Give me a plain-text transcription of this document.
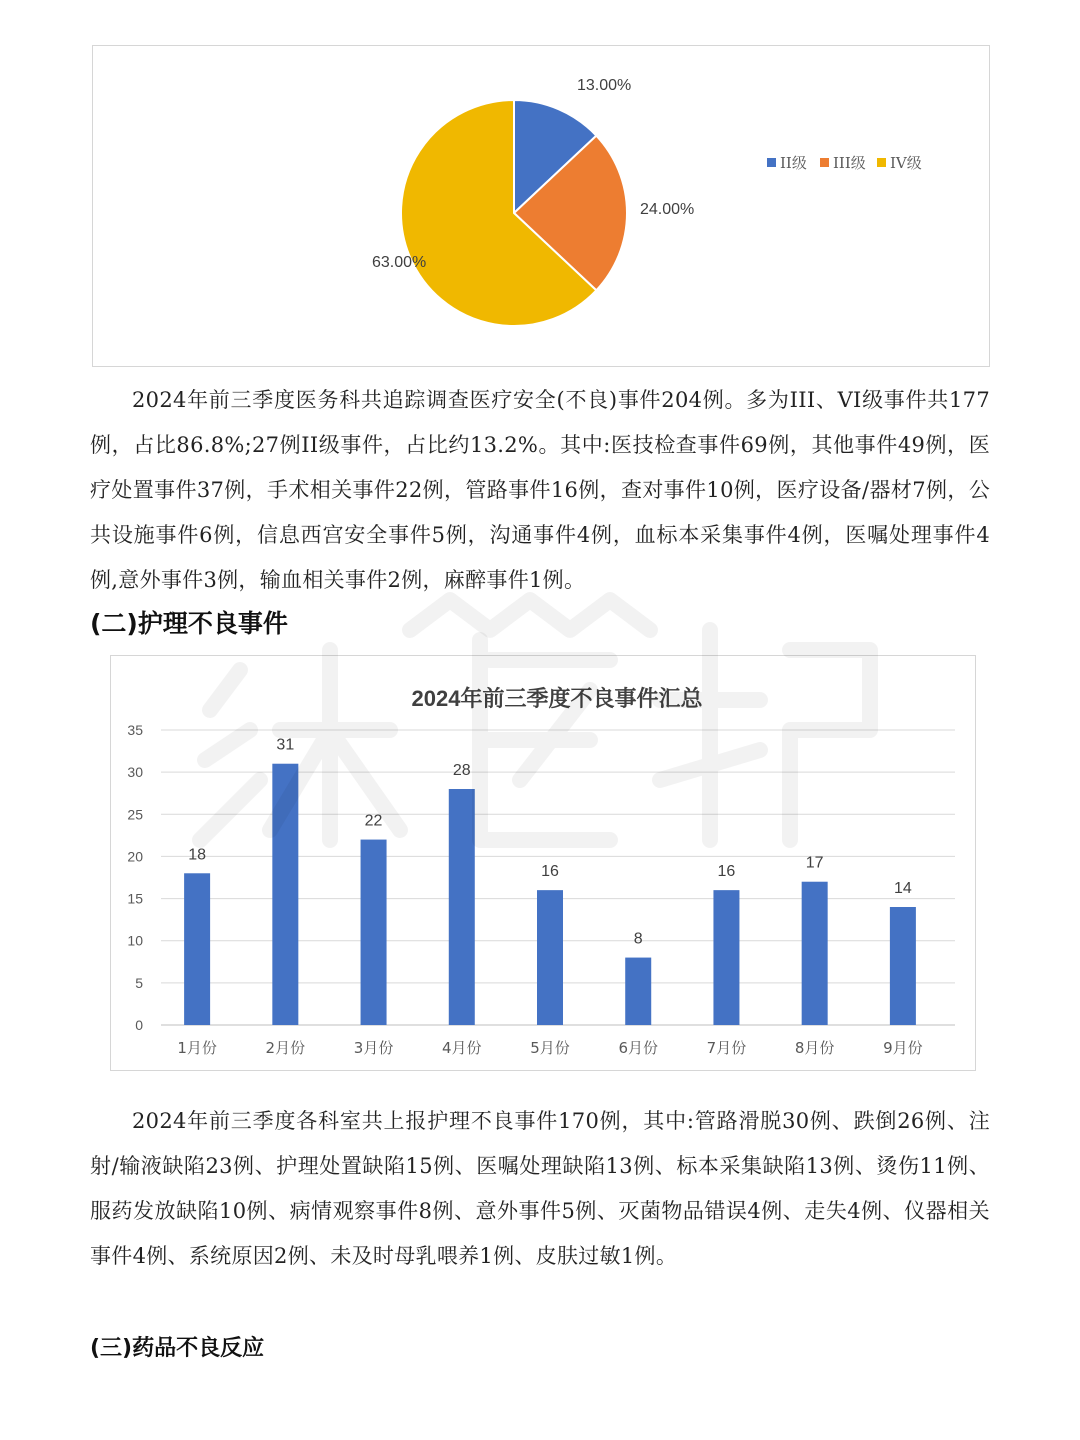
13.00%
24.00%
63.00%
II级 III级 IV级

2024年前三季度医务科共追踪调查医疗安全(不良)事件204例。多为III、VI级事件共177例，占比86.8%;27例II级事件，占比约13.2%。其中:医技检查事件69例，其他事件49例，医疗处置事件37例，手术相关事件22例，管路事件16例，查对事件10例，医疗设备/器材7例，公共设施事件6例，信息西宫安全事件5例，沟通事件4例，血标本采集事件4例，医嘱处理事件4例,意外事件3例，输血相关事件2例，麻醉事件1例。

(二)护理不良事件
2024年前三季度不良事件汇总
0
5
10
15
20
25
30
35
18
1月份
31
2月份
22
3月份
28
4月份
16
5月份
8
6月份
16
7月份
17
8月份
14
9月份

2024年前三季度各科室共上报护理不良事件170例，其中:管路滑脱30例、跌倒26例、注射/输液缺陷23例、护理处置缺陷15例、医嘱处理缺陷13例、标本采集缺陷13例、烫伤11例、服药发放缺陷10例、病情观察事件8例、意外事件5例、灭菌物品错误4例、走失4例、仪器相关事件4例、系统原因2例、未及时母乳喂养1例、皮肤过敏1例。

(三)药品不良反应
